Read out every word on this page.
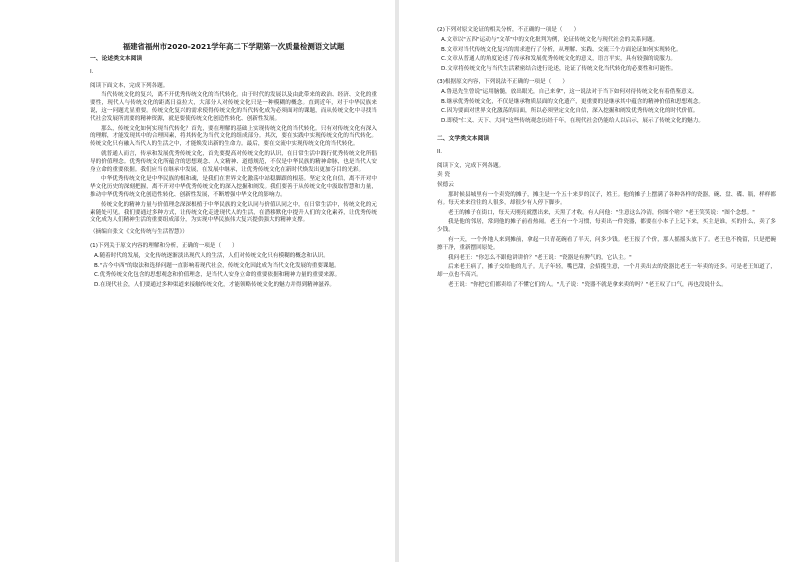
福建省福州市2020-2021学年高二下学期第一次质量检测语文试题
一、论述类文本阅读
I.
阅读下面文本，完成下列各题。
当代传统文化的复兴，离不开优秀传统文化的当代转化。由于时代的发展以及由此带来的政治、经济、文化的重要性，现代人与传统文化的距离日益拉大，大部分人对传统文化只是一种模糊的概念。直到近年，对于中华民族来说，这一问题尤显重要。传统文化复兴的需求使得传统文化的当代转化成为必须面对的课题，而从传统文化中寻找当代社会发展所需要的精神资源，就是要使传统文化创造性转化、创新性发展。
那么，传统文化如何实现当代转化？首先，要在理解的基础上实现传统文化的当代转化。只有对传统文化有深入的理解，才能发现其中的合理因素，将其转化为当代文化的组成部分。其次，要在实践中实现传统文化的当代转化。传统文化只有融入当代人的生活之中，才能焕发出新的生命力。最后，要在交流中实现传统文化的当代转化。
就普通人而言，传承和发展优秀传统文化，首先要提高对传统文化的认识，在日常生活中践行优秀传统文化所倡导的价值理念。优秀传统文化所蕴含的思想观念、人文精神、道德规范，不仅是中华民族的精神命脉，也是当代人安身立命的重要依据。我们应当在继承中发展，在发展中继承，让优秀传统文化在新时代焕发出更加夺目的光彩。
中华优秀传统文化是中华民族的根和魂，是我们在世界文化激荡中站稳脚跟的根基。坚定文化自信，离不开对中华文化历史的深刻把握，离不开对中华优秀传统文化的深入挖掘和阐发。我们要善于从传统文化中汲取智慧和力量，推动中华优秀传统文化创造性转化、创新性发展，不断增强中华文化的影响力。
传统文化的精神力量与价值理念深深根植于中华民族的文化认同与价值认同之中，在日常生活中，传统文化的元素随处可见。我们要通过多种方式，让传统文化走进现代人的生活，在潜移默化中提升人们的文化素养，让优秀传统文化成为人们精神生活的重要组成部分，为实现中华民族伟大复兴提供强大的精神支撑。
（摘编自张文《文化传统与生活智慧》）
(1)下列关于原文内容的理解和分析，正确的一项是（　　）
A.随着时代的发展，文化传统逐渐淡出现代人的生活，人们对传统文化只有模糊的概念和认识。
B."古今中西"的取法和选择问题一直影响着现代社会，传统文化因此成为当代文化发展的重要课题。
C.优秀传统文化包含的思想观念和价值理念，是当代人安身立命的重要依据和精神力量的重要来源。
D.在现代社会，人们要通过多种渠道来接触传统文化，才能领略传统文化的魅力并得到精神滋养。
(2)下列对原文论证的相关分析，不正确的一项是（　　）
A.文章以"五四"运动与"文革"中的文化批判为例，论证传统文化与现代社会的关系问题。
B.文章对当代传统文化复兴的需求进行了分析，从理解、实践、交流三个方面论证如何实现转化。
C.文章从普通人的角度论述了传承和发展优秀传统文化的意义，语言平实，具有较强的说服力。
D.文章将传统文化与当代生活紧密结合进行论述，论证了传统文化当代转化的必要性和可能性。
(3)根据原文内容，下列说法不正确的一项是（　　）
A.鲁迅先生曾说"运用脑髓，放出眼光，自己来拿"，这一说法对于当下如何对待传统文化有着借鉴意义。
B.继承优秀传统文化，不仅是继承物质层面的文化遗产，更重要的是继承其中蕴含的精神价值和思想观念。
C.因为要面对世界文化激荡的局面，所以必须坚定文化自信，深入挖掘和阐发优秀传统文化的时代价值。
D.即使"仁义、天下、大同"这些传统观念历经千年，在现代社会仍能给人以启示，展示了传统文化的魅力。
二、文学类文本阅读
II.
阅读下文，完成下列各题。
卖 瓷
侯德云
那时候县城里有一个卖瓷的摊子，摊主是一个五十来岁的汉子，姓王。他的摊子上摆满了各种各样的瓷器，碗、盘、碟、瓶，样样都有。每天来来往往的人很多，却很少有人停下脚步。
老王的摊子在街口，每天天刚亮就摆出来，天黑了才收。有人问他："生意这么冷清，你图个啥？"老王笑笑说："图个念想。"
我是他的邻居，常到他的摊子前看热闹。老王有一个习惯，每卖出一件瓷器，都要在小本子上记下来，买主是谁，买的什么，卖了多少钱。
有一天，一个外地人来到摊前，拿起一只青花碗看了半天，问多少钱。老王报了个价，那人摇摇头放下了。老王也不挽留，只是把碗擦干净，重新摆回原处。
我问老王："你怎么不跟他讲讲价？"老王说："瓷器是有脾气的，它认主。"
后来老王病了，摊子交给他的儿子。儿子年轻，嘴巴甜，会招揽生意，一个月卖出去的瓷器比老王一年卖的还多。可是老王知道了，却一点也不高兴。
老王说："你把它们都卖给了不懂它们的人。"儿子说："瓷器不就是拿来卖的吗？"老王叹了口气，再也没说什么。
